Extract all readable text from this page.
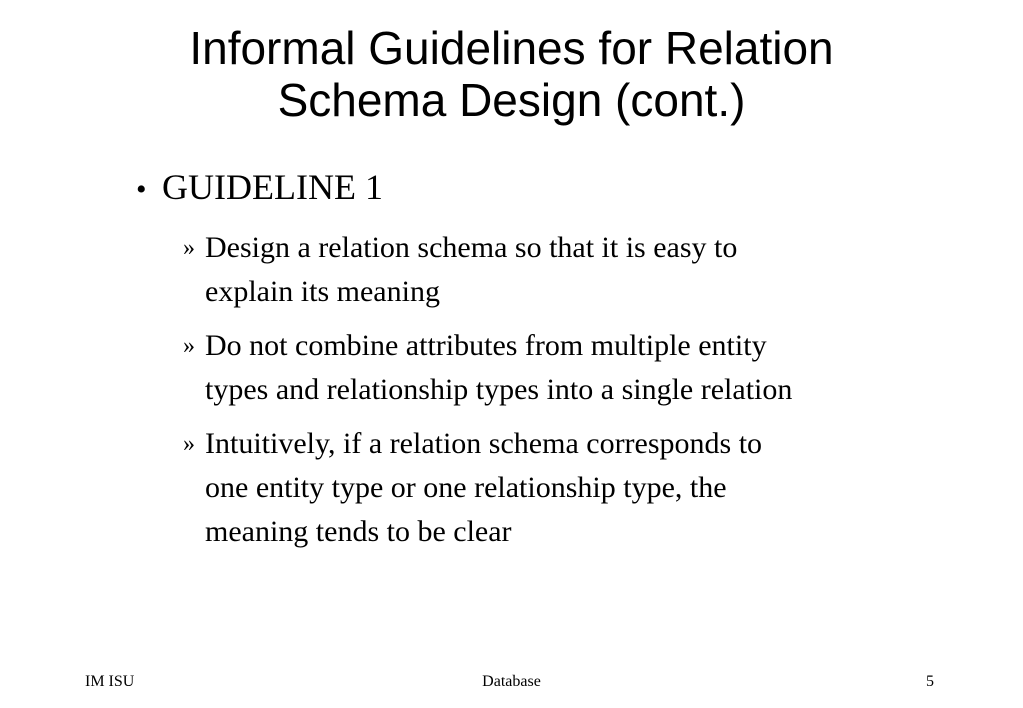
Informal Guidelines for Relation
Schema Design (cont.)
• GUIDELINE 1
» Design a relation schema so that it is easy to
explain its meaning
» Do not combine attributes from multiple entity
types and relationship types into a single relation
» Intuitively, if a relation schema corresponds to
one entity type or one relationship type, the
meaning tends to be clear
IM ISU	Database	5
